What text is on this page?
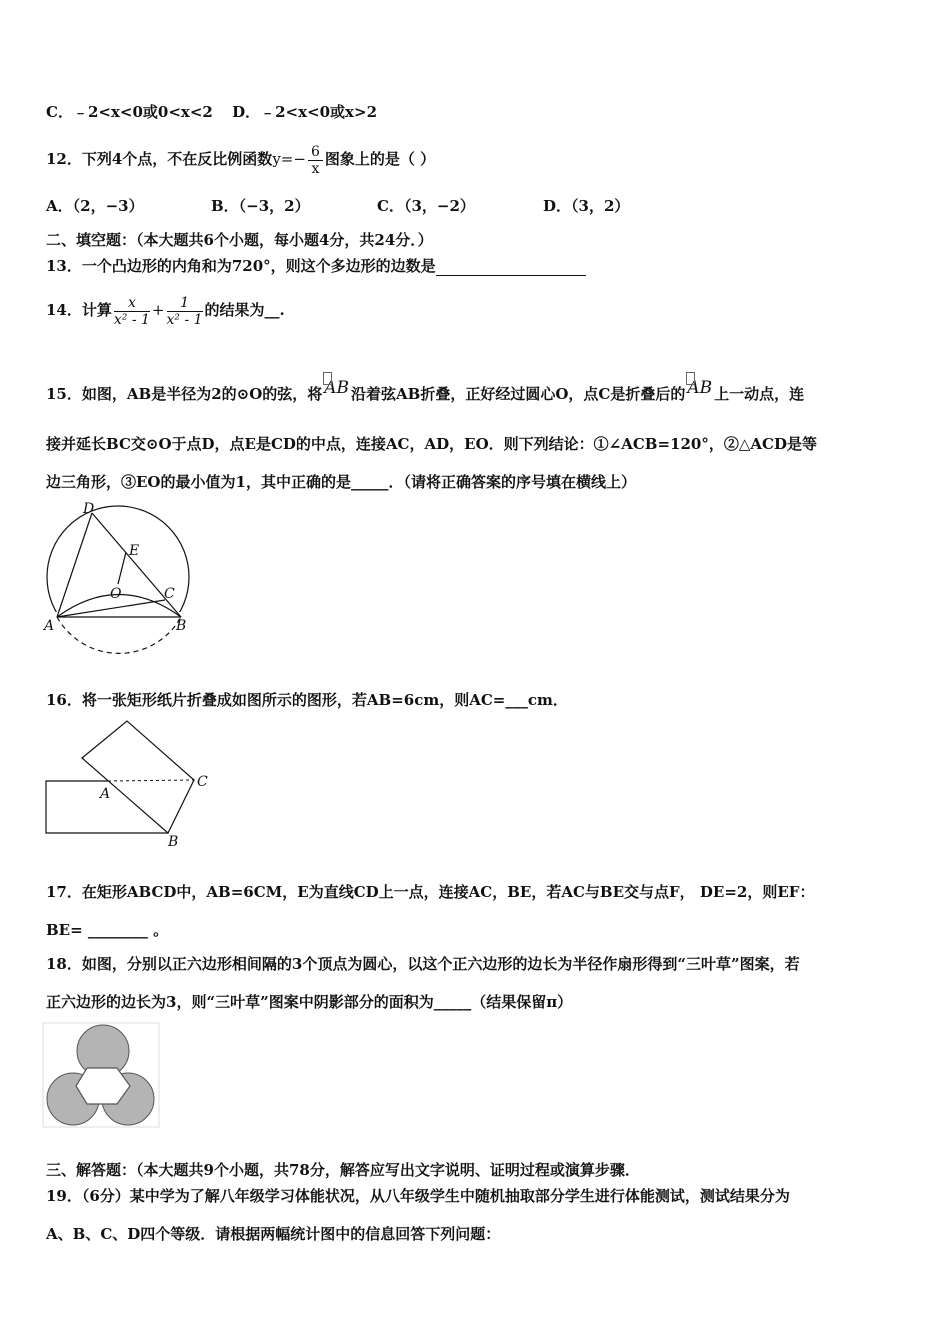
C．﹣2<x<0或0<x<2 D．﹣2<x<0或x>2
12．下列4个点，不在反比例函数$y=- \frac{6}{x}$ 图象上的是（ ）
A．（2，−3）	B．（−3，2）	C．（3，−2）	D．（3，2）
二、填空题：（本大题共6个小题，每小题4分，共24分．）
13．一个凸边形的内角和为720°，则这个多边形的边数是
14．计算 $\frac{x}{\text{x² - 1}} + \frac{1}{\text{x² - 1}}$ 的结果为__.
15．如图，AB是半径为2的⊙O的弦，将 AB 沿着弦AB折叠，正好经过圆心O，点C是折叠后的 AB 上一动点，连
接并延长BC交⊙O于点D，点E是CD的中点，连接AC，AD，EO．则下列结论：①∠ACB=120°，②△ACD是等
边三角形，③EO的最小值为1，其中正确的是_____．（请将正确答案的序号填在横线上）
D
E
O	C
A	B
16．将一张矩形纸片折叠成如图所示的图形，若AB=6cm，则AC=___cm．
A
B
C
17．在矩形ABCD中，AB=6CM，E为直线CD上一点，连接AC，BE，若AC与BE交与点F， DE=2，则EF：
BE= ________ 。
18．如图，分别以正六边形相间隔的3个顶点为圆心，以这个正六边形的边长为半径作扇形得到“三叶草”图案，若
正六边形的边长为3，则“三叶草”图案中阴影部分的面积为_____（结果保留π）
三、解答题：（本大题共9个小题，共78分，解答应写出文字说明、证明过程或演算步骤．
19．（6分）某中学为了解八年级学习体能状况，从八年级学生中随机抽取部分学生进行体能测试，测试结果分为
A、B、C、D四个等级．请根据两幅统计图中的信息回答下列问题：
